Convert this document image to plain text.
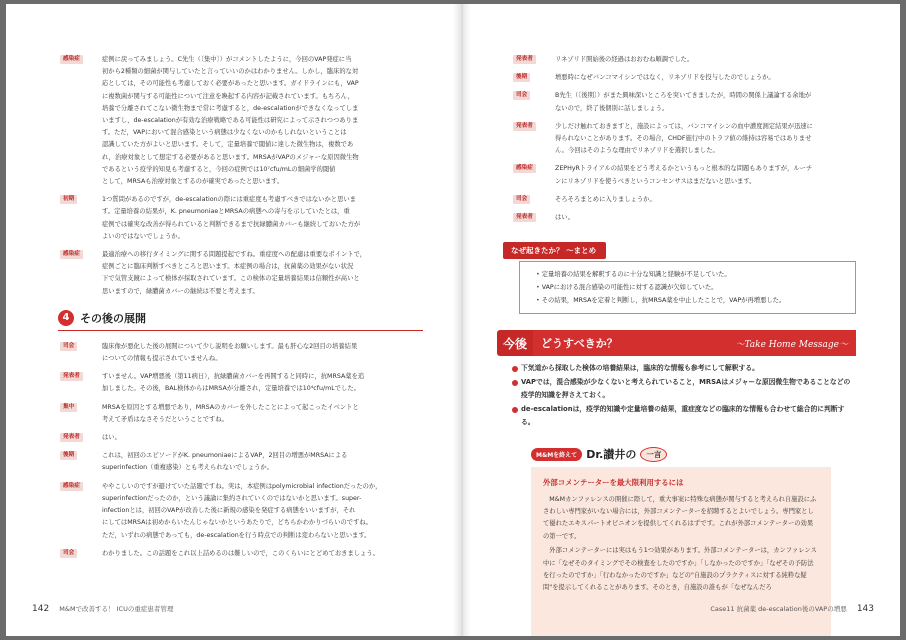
感染症	症例に戻ってみましょう。C先生（〔集中〕）がコメントしたように，今回のVAP発症に当
初から2種類の細菌が関与していたと言っていいのかはわかりません。しかし，臨床的な対
応としては，その可能性も考慮しておく必要があったと思います。ガイドラインにも，VAP
に複数菌が関与する可能性について注意を喚起する内容が記載されています。もちろん，
培養で分離されてこない微生物まで常に考慮すると，de-escalationができなくなってしま
いますし，de-escalationが有効な治療戦略である可能性は研究によって示されつつありま
す。ただ，VAPにおいて混合感染という病態は少なくないのかもしれないということは
認識していた方がよいと思います。そして，定量培養で閾値に達した微生物は，複数であ
れ，治療対象として想定する必要があると思います。MRSAがVAPのメジャーな原因微生物
であるという疫学的知見も考慮すると，今回の症例では10⁷cfu/mLの細菌学的閾値
として，MRSAも治療対象とするのが確実であったと思います。
初期	1つ質問があるのですが，de-escalationの際には重症度も考慮すべきではないかと思いま
す。定量培養の結果が，K. pneumoniaeとMRSAの病態への寄与を示していたとは，重
症例では確実な改善が得られていると判断できるまで抗緑膿菌カバーも継続しておいた方が
よいのではないでしょうか。
感染症	最適治療への移行タイミングに関する問題提起ですね。重症度への配慮は重要なポイントで，
症例ごとに臨床判断すべきところと思います。本症例の場合は，抗菌薬の効果がない状況
下で気管支鏡によって検体が採取されています。この検体の定量培養結果は信頼性が高いと
思いますので，緑膿菌カバーの継続は不要と考えます。
4 その後の展開
司会	臨床像が悪化した後の展開について少し説明をお願いします。最も肝心な2回目の培養結果
についての情報も提示されていませんね。
発表者	すいません。VAP増悪後（第11病日），抗緑膿菌カバーを再開すると同時に，抗MRSA薬を追
加しました。その後，BAL検体からはMRSAが分離され，定量培養では10⁴cfu/mLでした。
集中	MRSAを原因とする増悪であり，MRSAのカバーを外したことによって起こったイベントと
考えて矛盾はなさそうだということですね。
発表者	はい。
後期	これは，初回のエピソードがK. pneumoniaeによるVAP，2回目の増悪がMRSAによる
superinfection（重複感染）とも考えられないでしょうか。
感染症	ややこしいのですが避けていた話題ですね。実は，本症例はpolymicrobial infectionだったのか，
superinfectionだったのか，という議論に集約されていくのではないかと思います。super-
infectionとは，初回のVAPが改善した後に新規の感染を発症する病態をいいますが，それ
にしてはMRSAは初めからいたんじゃないかというあたりで，どちらかわかりづらいのですね。
ただ，いずれの病態であっても，de-escalationを行う時点での判断は変わらないと思います。
司会	わかりました。この話題をこれ以上詰めるのは難しいので，このくらいにとどめておきましょう。
142 M&Mで改善する！ ICUの重症患者管理
発表者	リネゾリド開始後の経過はおおむね順調でした。
後期	增悪時になぜバンコマイシンではなく，リネゾリドを投与したのでしょうか。
司会	B先生（〔後期〕）がまた興味深いところを突いてきましたが，時間の関係上議論する余地が
ないので，終了後個別に話しましょう。
発表者	少しだけ触れておきますと，施設によっては，バンコマイシンの血中濃度測定結果が迅速に
得られないことがあります。その場合，CHDF施行中のトラフ値の維持は容易ではありませ
ん。今回はそのような理由でリネゾリドを選択しました。
感染症	ZEPHyRトライアルの結果をどう考えるかというもっと根本的な問題もありますが，ルーチ
ンにリネゾリドを使うべきというコンセンサスはまだないと思います。
司会	そろそろまとめに入りましょうか。
発表者	はい。
なぜ起きたか？ 〜まとめ
• 定量培養の結果を解釈するのに十分な知識と経験が不足していた。
• VAPにおける混合感染の可能性に対する認識が欠如していた。
• その結果，MRSAを定着と判断し，抗MRSA薬を中止したことで，VAPが再増悪した。
今後	どうすべきか？	〜Take Home Message〜
下気道から採取した検体の培養結果は，臨床的な情報も参考にして解釈する。
VAPでは，混合感染が少なくないと考えられていること，MRSAはメジャーな原因微生物であることなどの疫学的知識を押さえておく。
de-escalationは，疫学的知識や定量培養の結果，重症度などの臨床的な情報も合わせて総合的に判断する。
M&Mを終えて Dr.讃井の	一言
外部コメンテーターを最大限利用するには

M&Mカンファレンスの開催に際して，重大事案に特殊な病態が関与すると考えられ自施設にふさわしい専門家がいない場合には，外部コメンテーターを招聘するとよいでしょう。専門家として優れたエキスパートオピニオンを提供してくれるはずです。これが外部コメンテーターの効果の第一です。

外部コメンテーターには実はもう1つ効果があります。外部コメンテーターは，カンファレンス中に「なぜそのタイミングでその検査をしたのですか」「しなかったのですか」「なぜその予防法を行ったのですか」「行わなかったのですか」などの"自施設のプラクティスに対する純粋な疑問"を提示してくれることがあります。そのとき，自施設の誰もが「なぜなんだろ

Case11 抗菌薬 de-escalation後のVAPの増悪 143
